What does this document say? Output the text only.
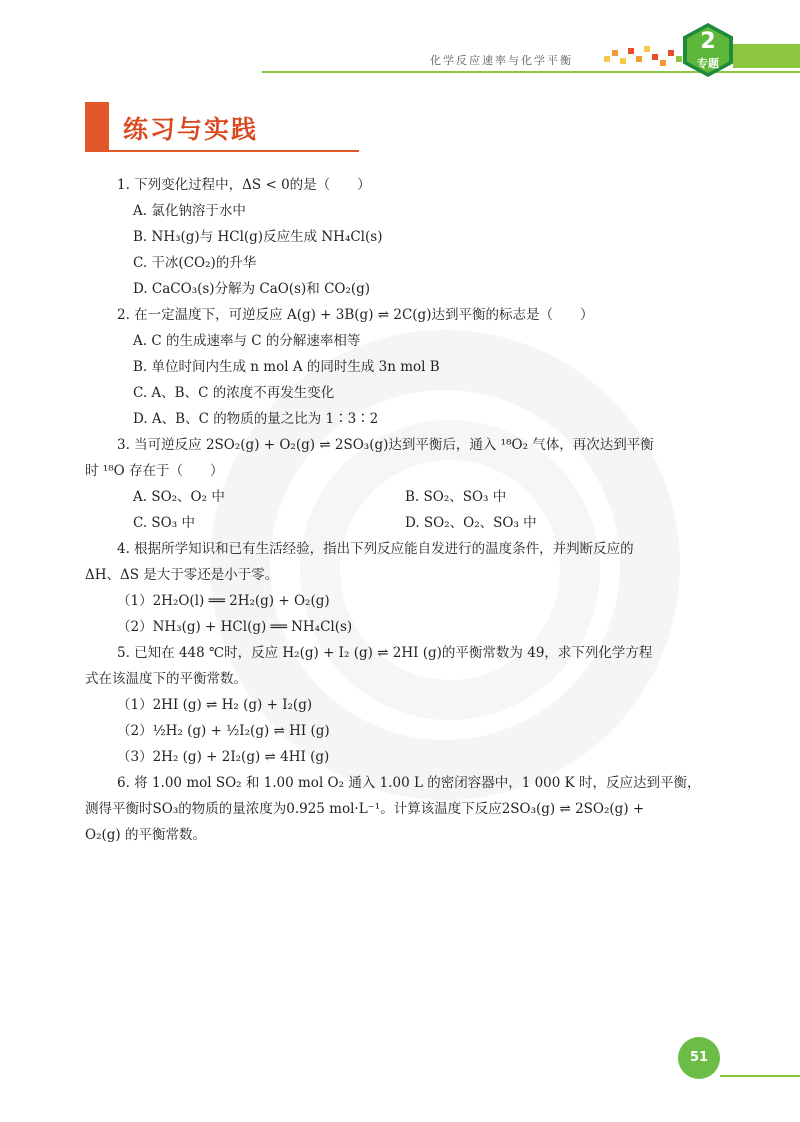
化学反应速率与化学平衡
2
专题
练习与实践
1. 下列变化过程中，ΔS < 0的是（　　）
A. 氯化钠溶于水中
B. NH₃(g)与 HCl(g)反应生成 NH₄Cl(s)
C. 干冰(CO₂)的升华
D. CaCO₃(s)分解为 CaO(s)和 CO₂(g)
2. 在一定温度下，可逆反应 A(g) + 3B(g) ⇌ 2C(g)达到平衡的标志是（　　）
A. C 的生成速率与 C 的分解速率相等
B. 单位时间内生成 n mol A 的同时生成 3n mol B
C. A、B、C 的浓度不再发生变化
D. A、B、C 的物质的量之比为 1∶3∶2
3. 当可逆反应 2SO₂(g) + O₂(g) ⇌ 2SO₃(g)达到平衡后，通入 ¹⁸O₂ 气体，再次达到平衡
时 ¹⁸O 存在于（　　）
A. SO₂、O₂ 中	B. SO₂、SO₃ 中
C. SO₃ 中	D. SO₂、O₂、SO₃ 中
4. 根据所学知识和已有生活经验，指出下列反应能自发进行的温度条件，并判断反应的
ΔH、ΔS 是大于零还是小于零。
（1）2H₂O(l) ══ 2H₂(g) + O₂(g)
（2）NH₃(g) + HCl(g) ══ NH₄Cl(s)
5. 已知在 448 ℃时，反应 H₂(g) + I₂ (g) ⇌ 2HI (g)的平衡常数为 49，求下列化学方程
式在该温度下的平衡常数。
（1）2HI (g) ⇌ H₂ (g) + I₂(g)
（2）½H₂ (g) + ½I₂(g) ⇌ HI (g)
（3）2H₂ (g) + 2I₂(g) ⇌ 4HI (g)
6. 将 1.00 mol SO₂ 和 1.00 mol O₂ 通入 1.00 L 的密闭容器中，1 000 K 时，反应达到平衡，
测得平衡时SO₃的物质的量浓度为0.925 mol·L⁻¹。计算该温度下反应2SO₃(g) ⇌ 2SO₂(g) +
O₂(g) 的平衡常数。
51
